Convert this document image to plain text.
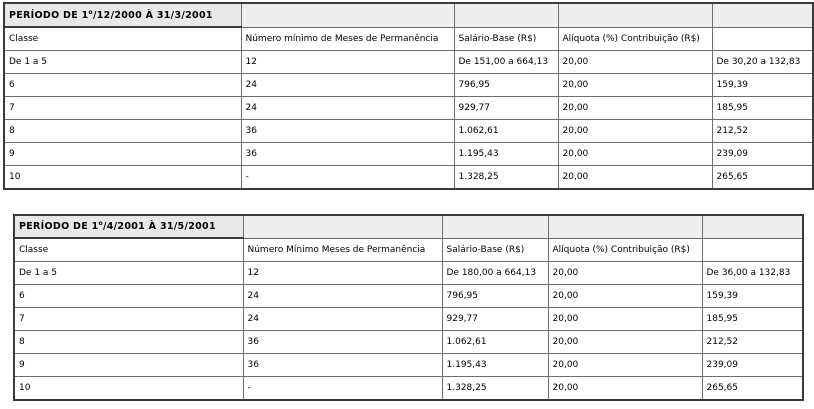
PERÍODO DE 1$^o$/12/2000 À 31/3/2001				
Classe	Número mínimo de Meses de Permanência	Salário-Base (R$)	Alíquota (%) Contribuição (R$)	
De 1 a 5	12	De 151,00 a 664,13	20,00	De 30,20 a 132,83
6	24	796,95	20,00	159,39
7	24	929,77	20,00	185,95
8	36	1.062,61	20,00	212,52
9	36	1.195,43	20,00	239,09
10	-	1.328,25	20,00	265,65
PERÍODO DE 1$^o$/4/2001 À 31/5/2001				
Classe	Número Mínimo Meses de Permanência	Salário-Base (R$)	Alíquota (%) Contribuição (R$)	
De 1 a 5	12	De 180,00 a 664,13	20,00	De 36,00 a 132,83
6	24	796,95	20,00	159,39
7	24	929,77	20,00	185,95
8	36	1.062,61	20,00	212,52
9	36	1.195,43	20,00	239,09
10	-	1.328,25	20,00	265,65
